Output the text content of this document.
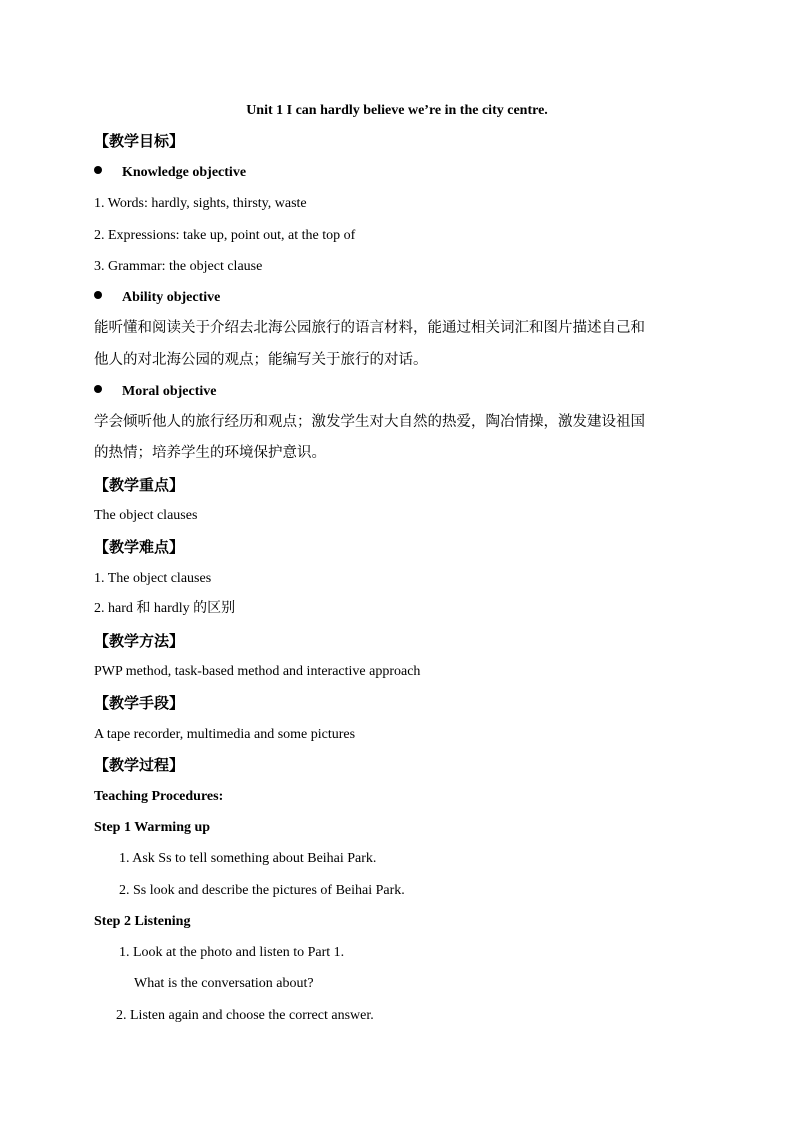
Unit 1 I can hardly believe we’re in the city centre.
【教学目标】
Knowledge objective
1. Words: hardly, sights, thirsty, waste
2. Expressions: take up, point out, at the top of
3. Grammar: the object clause
Ability objective
能听懂和阅读关于介绍去北海公园旅行的语言材料，能通过相关词汇和图片描述自己和
他人的对北海公园的观点；能编写关于旅行的对话。
Moral objective
学会倾听他人的旅行经历和观点；激发学生对大自然的热爱，陶冶情操，激发建设祖国
的热情；培养学生的环境保护意识。
【教学重点】
The object clauses
【教学难点】
1. The object clauses
2. hard 和 hardly 的区别
【教学方法】
PWP method, task-based method and interactive approach
【教学手段】
A tape recorder, multimedia and some pictures
【教学过程】
Teaching Procedures:
Step 1 Warming up
1. Ask Ss to tell something about Beihai Park.
2. Ss look and describe the pictures of Beihai Park.
Step 2 Listening
1. Look at the photo and listen to Part 1.
What is the conversation about?
2. Listen again and choose the correct answer.
